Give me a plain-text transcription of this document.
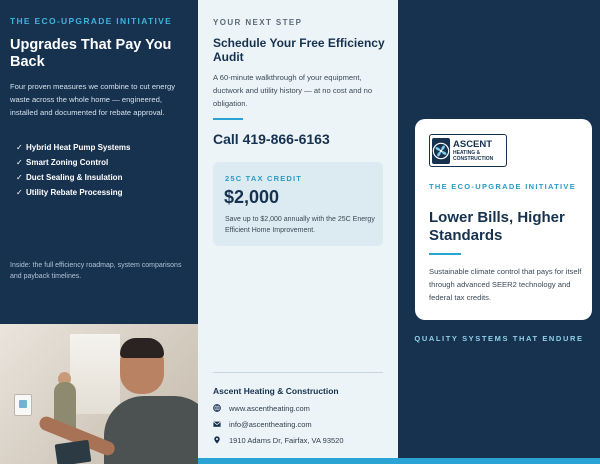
THE ECO-UPGRADE INITIATIVE
Upgrades That Pay You Back
Four proven measures we combine to cut energy waste across the whole home — engineered, installed and documented for rebate approval.
✓ Hybrid Heat Pump Systems
✓ Smart Zoning Control
✓ Duct Sealing & Insulation
✓ Utility Rebate Processing
Inside: the full efficiency roadmap, system comparisons and payback timelines.
YOUR NEXT STEP
Schedule Your Free Efficiency Audit
A 60-minute walkthrough of your equipment, ductwork and utility history — at no cost and no obligation.
Call 419-866-6163
25C TAX CREDIT
$2,000
Save up to $2,000 annually with the 25C Energy Efficient Home Improvement.
Ascent Heating & Construction
www.ascentheating.com
info@ascentheating.com
1910 Adams Dr, Fairfax, VA 93520
ASCENT
HEATING & CONSTRUCTION
THE ECO-UPGRADE INITIATIVE
Lower Bills, Higher Standards
Sustainable climate control that pays for itself through advanced SEER2 technology and federal tax credits.
QUALITY SYSTEMS THAT ENDURE
